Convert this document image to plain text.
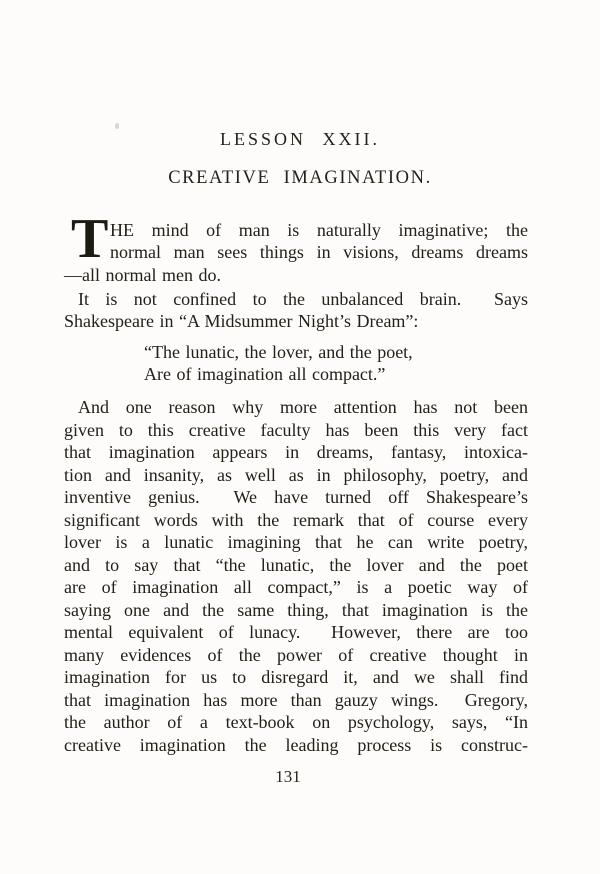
LESSON XXII.
CREATIVE IMAGINATION.
T HE mind of man is naturally imaginative; the
normal man sees things in visions, dreams dreams
—all normal men do.
It is not confined to the unbalanced brain.  Says
Shakespeare in “A Midsummer Night’s Dream”:
“The lunatic, the lover, and the poet,
Are of imagination all compact.”
And one reason why more attention has not been
given to this creative faculty has been this very fact
that imagination appears in dreams, fantasy, intoxica-
tion and insanity, as well as in philosophy, poetry, and
inventive genius.  We have turned off Shakespeare’s
significant words with the remark that of course every
lover is a lunatic imagining that he can write poetry,
and to say that “the lunatic, the lover and the poet
are of imagination all compact,” is a poetic way of
saying one and the same thing, that imagination is the
mental equivalent of lunacy.  However, there are too
many evidences of the power of creative thought in
imagination for us to disregard it, and we shall find
that imagination has more than gauzy wings.  Gregory,
the author of a text-book on psychology, says, “In
creative imagination the leading process is construc-
131
